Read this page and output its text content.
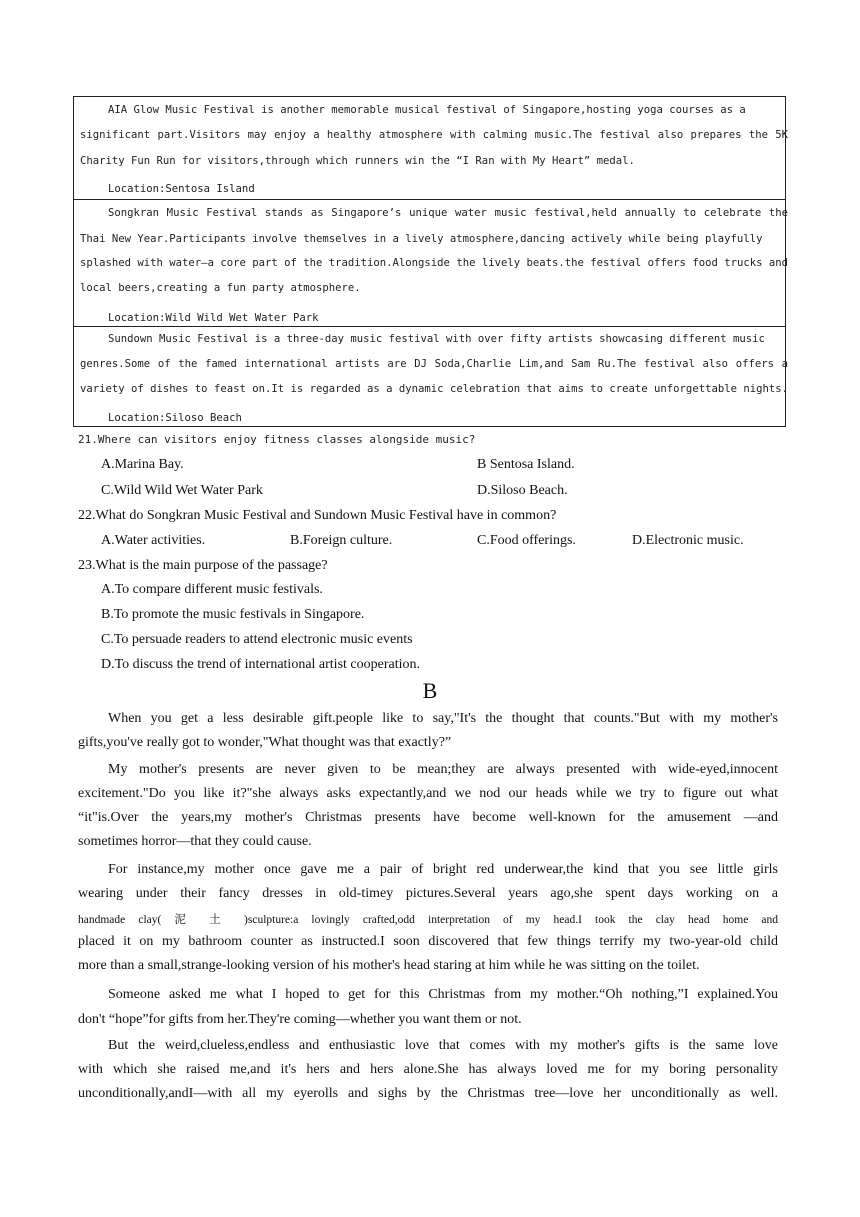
AIA Glow Music Festival is another memorable musical festival of Singapore,hosting yoga courses as a
significant part.Visitors may enjoy a healthy atmosphere with calming music.The festival also prepares the 5K
Charity Fun Run for visitors,through which runners win the “I Ran with My Heart” medal.
Location:Sentosa Island
Songkran Music Festival stands as Singapore’s unique water music festival,held annually to celebrate the
Thai New Year.Participants involve themselves in a lively atmosphere,dancing actively while being playfully
splashed with water—a core part of the tradition.Alongside the lively beats.the festival offers food trucks and
local beers,creating a fun party atmosphere.
Location:Wild Wild Wet Water Park
Sundown Music Festival is a three-day music festival with over fifty artists showcasing different music
genres.Some of the famed international artists are DJ Soda,Charlie Lim,and Sam Ru.The festival also offers a
variety of dishes to feast on.It is regarded as a dynamic celebration that aims to create unforgettable nights.
Location:Siloso Beach
21.Where can visitors enjoy fitness classes alongside music?
A.Marina Bay.	B Sentosa Island.
C.Wild Wild Wet Water Park	D.Siloso Beach.
22.What do Songkran Music Festival and Sundown Music Festival have in common?
A.Water activities.	B.Foreign culture.	C.Food offerings.	D.Electronic music.
23.What is the main purpose of the passage?
A.To compare different music festivals.
B.To promote the music festivals in Singapore.
C.To persuade readers to attend electronic music events
D.To discuss the trend of international artist cooperation.
B
When you get a less desirable gift.people like to say,"It's the thought that counts."But with my mother's
gifts,you've really got to wonder,"What thought was that exactly?”
My mother's presents are never given to be mean;they are always presented with wide-eyed,innocent
excitement."Do you like it?"she always asks expectantly,and we nod our heads while we try to figure out what
“it"is.Over the years,my mother's Christmas presents have become well-known for the amusement —and
sometimes horror—that they could cause.
For instance,my mother once gave me a pair of bright red underwear,the kind that you see little girls
wearing under their fancy dresses in old-timey pictures.Several years ago,she spent days working on a
handmade clay( 泥 土 )sculpture:a lovingly crafted,odd interpretation of my head.I took the clay head home and
placed it on my bathroom counter as instructed.I soon discovered that few things terrify my two-year-old child
more than a small,strange-looking version of his mother's head staring at him while he was sitting on the toilet.
Someone asked me what I hoped to get for this Christmas from my mother.“Oh nothing,”I explained.You
don't “hope”for gifts from her.They're coming—whether you want them or not.
But the weird,clueless,endless and enthusiastic love that comes with my mother's gifts is the same love
with which she raised me,and it's hers and hers alone.She has always loved me for my boring personality
unconditionally,andI—with all my eyerolls and sighs by the Christmas tree—love her unconditionally as well.
